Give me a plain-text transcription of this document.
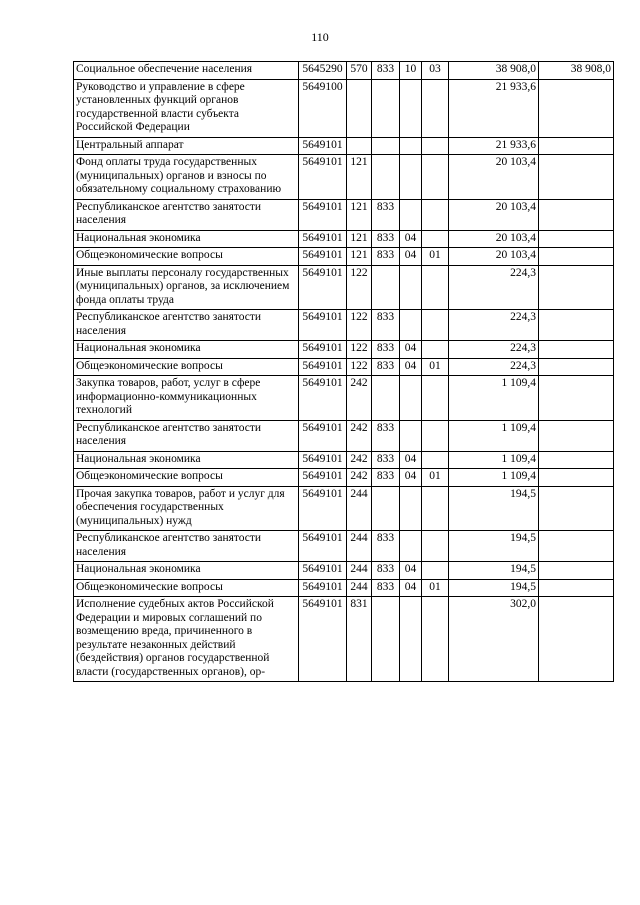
110
Социальное обеспечение населения	5645290	570	833	10	03	38 908,0	38 908,0
Руководство и управление в сфере установленных функций органов государственной власти субъекта Российской Федерации	5649100					21 933,6	
Центральный аппарат	5649101					21 933,6	
Фонд оплаты труда государственных (муниципальных) органов и взносы по обязательному социальному страхованию	5649101	121				20 103,4	
Республиканское агентство занятости населения	5649101	121	833			20 103,4	
Национальная экономика	5649101	121	833	04		20 103,4	
Общеэкономические вопросы	5649101	121	833	04	01	20 103,4	
Иные выплаты персоналу государственных (муниципальных) органов, за исключением фонда оплаты труда	5649101	122				224,3	
Республиканское агентство занятости населения	5649101	122	833			224,3	
Национальная экономика	5649101	122	833	04		224,3	
Общеэкономические вопросы	5649101	122	833	04	01	224,3	
Закупка товаров, работ, услуг в сфере информационно-коммуникационных технологий	5649101	242				1 109,4	
Республиканское агентство занятости населения	5649101	242	833			1 109,4	
Национальная экономика	5649101	242	833	04		1 109,4	
Общеэкономические вопросы	5649101	242	833	04	01	1 109,4	
Прочая закупка товаров, работ и услуг для обеспечения государственных (муниципальных) нужд	5649101	244				194,5	
Республиканское агентство занятости населения	5649101	244	833			194,5	
Национальная экономика	5649101	244	833	04		194,5	
Общеэкономические вопросы	5649101	244	833	04	01	194,5	
Исполнение судебных актов Российской Федерации и мировых соглашений по возмещению вреда, причиненного в результате незаконных действий (бездействия) органов государственной власти (государственных органов), ор-	5649101	831				302,0	
